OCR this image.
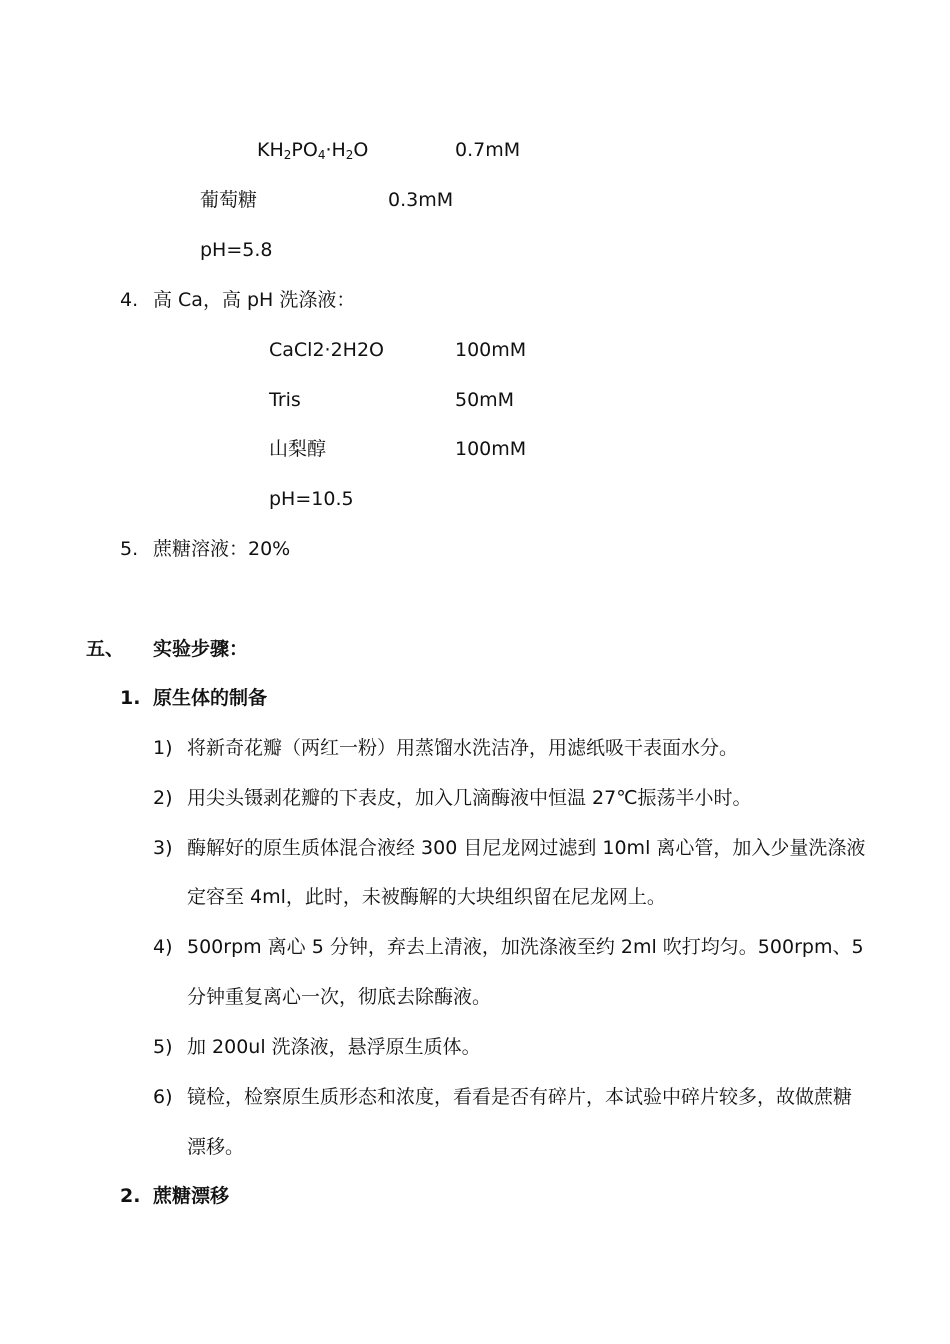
$KH_2PO_4\cdot H_2O$	0.7mM
葡萄糖	0.3mM
pH=5.8
4. 高 Ca，高 pH 洗涤液：
CaCl2·2H2O	100mM
Tris	50mM
山梨醇	100mM
pH=10.5
5. 蔗糖溶液：20%
五、 实验步骤：
1. 原生体的制备
1) 将新奇花瓣（两红一粉）用蒸馏水洗洁净，用滤纸吸干表面水分。
2) 用尖头镊剥花瓣的下表皮，加入几滴酶液中恒温 27℃振荡半小时。
3) 酶解好的原生质体混合液经 300 目尼龙网过滤到 10ml 离心管，加入少量洗涤液
定容至 4ml，此时，未被酶解的大块组织留在尼龙网上。
4) 500rpm 离心 5 分钟，弃去上清液，加洗涤液至约 2ml 吹打均匀。500rpm、5
分钟重复离心一次，彻底去除酶液。
5) 加 200ul 洗涤液，悬浮原生质体。
6) 镜检，检察原生质形态和浓度，看看是否有碎片，本试验中碎片较多，故做蔗糖
漂移。
2. 蔗糖漂移
